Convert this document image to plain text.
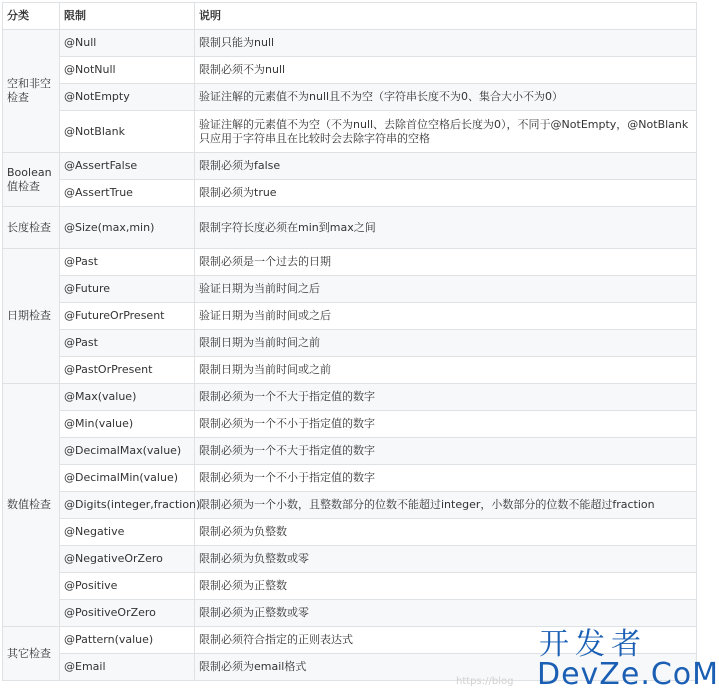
分类	限制	说明
空和非空检查	@Null	限制只能为null
	@NotNull	限制必须不为null
	@NotEmpty	验证注解的元素值不为null且不为空（字符串长度不为0、集合大小不为0）
	@NotBlank	验证注解的元素值不为空（不为null、去除首位空格后长度为0），不同于@NotEmpty，@NotBlank只应用于字符串且在比较时会去除字符串的空格
Boolean值检查	@AssertFalse	限制必须为false
	@AssertTrue	限制必须为true
长度检查	@Size(max,min)	限制字符长度必须在min到max之间
日期检查	@Past	限制必须是一个过去的日期
	@Future	验证日期为当前时间之后
	@FutureOrPresent	验证日期为当前时间或之后
	@Past	限制日期为当前时间之前
	@PastOrPresent	限制日期为当前时间或之前
数值检查	@Max(value)	限制必须为一个不大于指定值的数字
	@Min(value)	限制必须为一个不小于指定值的数字
	@DecimalMax(value)	限制必须为一个不大于指定值的数字
	@DecimalMin(value)	限制必须为一个不小于指定值的数字
	@Digits(integer,fraction)	限制必须为一个小数，且整数部分的位数不能超过integer，小数部分的位数不能超过fraction
	@Negative	限制必须为负整数
	@NegativeOrZero	限制必须为负整数或零
	@Positive	限制必须为正整数
	@PositiveOrZero	限制必须为正整数或零
其它检查	@Pattern(value)	限制必须符合指定的正则表达式
	@Email	限制必须为email格式
https://blog
开发者
DevZe.CoM
